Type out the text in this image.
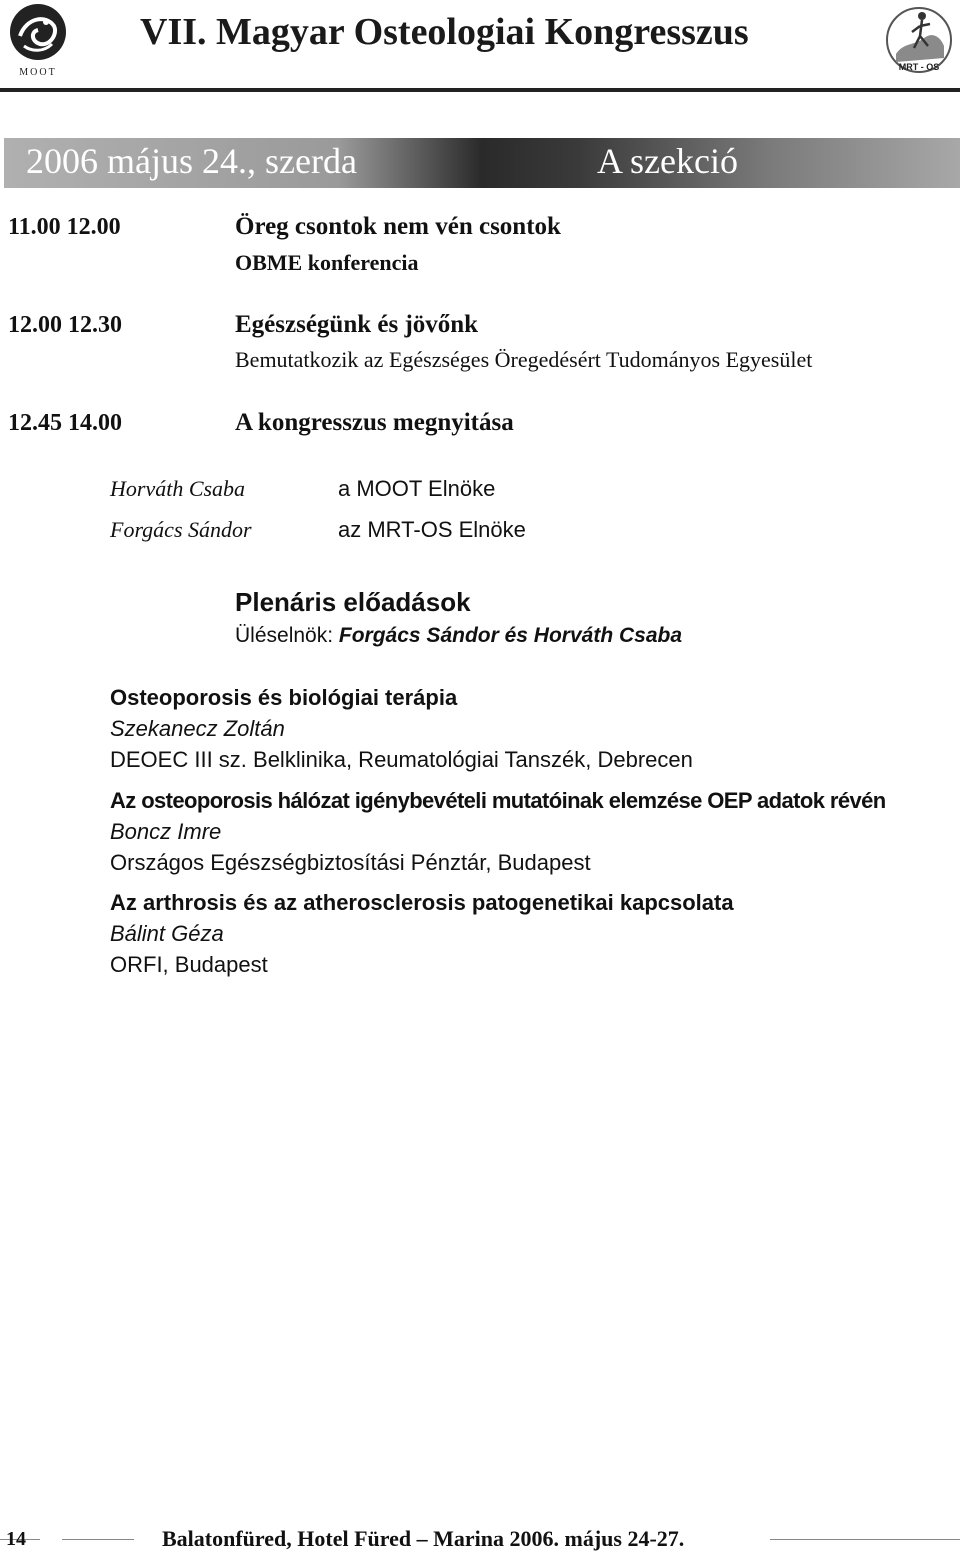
MOOT
VII. Magyar Osteologiai Kongresszus
MRT - OS
2006 május 24., szerda	A szekció
11.00 12.00	Öreg csontok nem vén csontok
OBME konferencia
12.00 12.30	Egészségünk és jövőnk
Bemutatkozik az Egészséges Öregedésért Tudományos Egyesület
12.45 14.00	A kongresszus megnyitása
Horváth Csaba	a MOOT Elnöke
Forgács Sándor	az MRT-OS Elnöke
Plenáris előadások
Üléselnök: Forgács Sándor és Horváth Csaba
Osteoporosis és biológiai terápia
Szekanecz Zoltán
DEOEC III sz. Belklinika, Reumatológiai Tanszék, Debrecen
Az osteoporosis hálózat igénybevételi mutatóinak elemzése OEP adatok révén
Boncz Imre
Országos Egészségbiztosítási Pénztár, Budapest
Az arthrosis és az atherosclerosis patogenetikai kapcsolata
Bálint Géza
ORFI, Budapest
14	Balatonfüred, Hotel Füred – Marina 2006. május 24-27.
